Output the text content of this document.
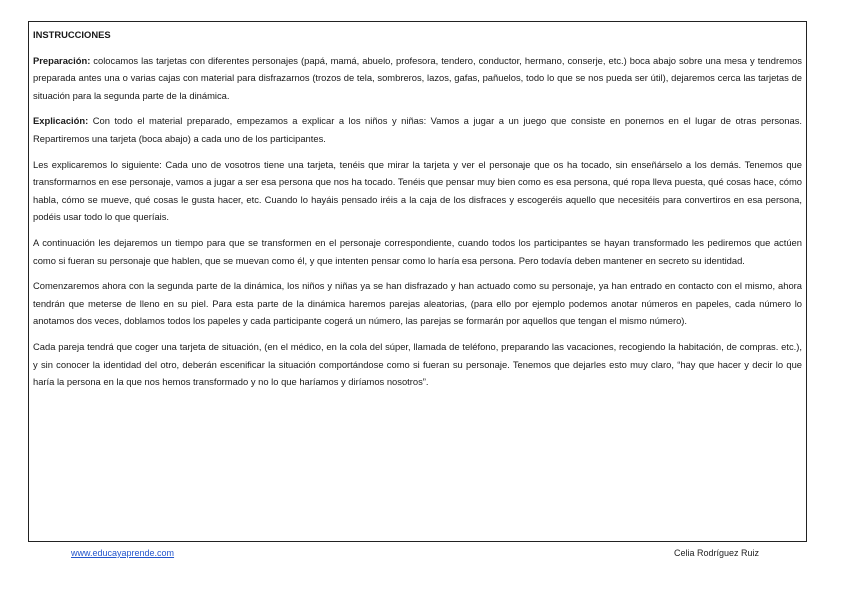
INSTRUCCIONES

Preparación: colocamos las tarjetas con diferentes personajes (papá, mamá, abuelo, profesora, tendero, conductor, hermano, conserje, etc.) boca abajo sobre una mesa y tendremos preparada antes una o varias cajas con material para disfrazarnos (trozos de tela, sombreros, lazos, gafas, pañuelos, todo lo que se nos pueda ser útil), dejaremos cerca las tarjetas de situación para la segunda parte de la dinámica.

Explicación: Con todo el material preparado, empezamos a explicar a los niños y niñas: Vamos a jugar a un juego que consiste en ponernos en el lugar de otras personas. Repartiremos una tarjeta (boca abajo) a cada uno de los participantes.

Les explicaremos lo siguiente: Cada uno de vosotros tiene una tarjeta, tenéis que mirar la tarjeta y ver el personaje que os ha tocado, sin enseñárselo a los demás. Tenemos que transformarnos en ese personaje, vamos a jugar a ser esa persona que nos ha tocado. Tenéis que pensar muy bien como es esa persona, qué ropa lleva puesta, qué cosas hace, cómo habla, cómo se mueve, qué cosas le gusta hacer, etc. Cuando lo hayáis pensado iréis a la caja de los disfraces y escogeréis aquello que necesitéis para convertiros en esa persona, podéis usar todo lo que queríais.

A continuación les dejaremos un tiempo para que se transformen en el personaje correspondiente, cuando todos los participantes se hayan transformado les pediremos que actúen como si fueran su personaje que hablen, que se muevan como él, y que intenten pensar como lo haría esa persona. Pero todavía deben mantener en secreto su identidad.

Comenzaremos ahora con la segunda parte de la dinámica, los niños y niñas ya se han disfrazado y han actuado como su personaje, ya han entrado en contacto con el mismo, ahora tendrán que meterse de lleno en su piel. Para esta parte de la dinámica haremos parejas aleatorias, (para ello por ejemplo podemos anotar números en papeles, cada número lo anotamos dos veces, doblamos todos los papeles y cada participante cogerá un número, las parejas se formarán por aquellos que tengan el mismo número).

Cada pareja tendrá que coger una tarjeta de situación, (en el médico, en la cola del súper, llamada de teléfono, preparando las vacaciones, recogiendo la habitación, de compras. etc.), y sin conocer la identidad del otro, deberán escenificar la situación comportándose como si fueran su personaje. Tenemos que dejarles esto muy claro, “hay que hacer y decir lo que haría la persona en la que nos hemos transformado y no lo que haríamos y diríamos nosotros”.

www.educayaprende.com	Celia Rodríguez Ruiz
